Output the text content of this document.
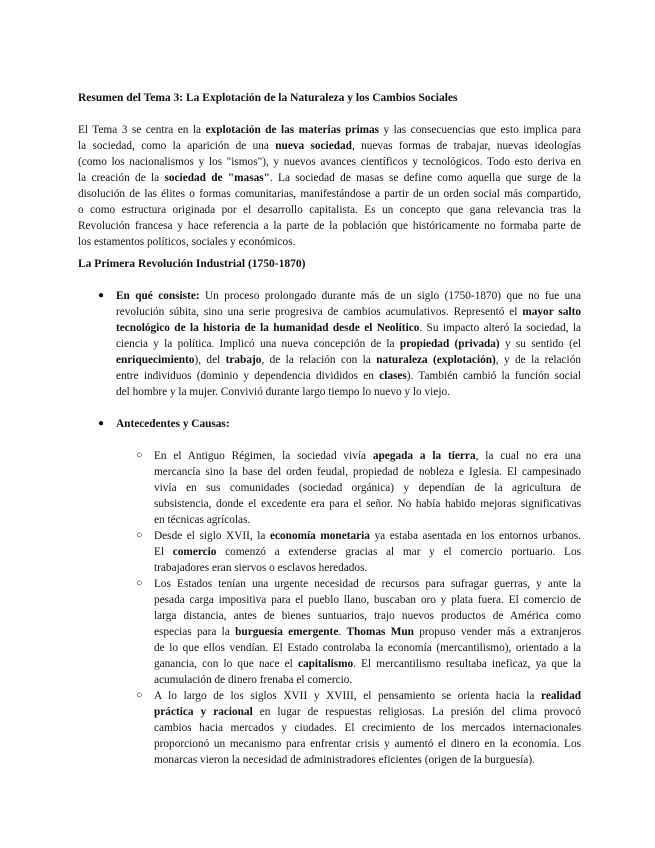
Resumen del Tema 3: La Explotación de la Naturaleza y los Cambios Sociales
El Tema 3 se centra en la explotación de las materias primas y las consecuencias que esto implica para
la sociedad, como la aparición de una nueva sociedad, nuevas formas de trabajar, nuevas ideologías
(como los nacionalismos y los "ismos"), y nuevos avances científicos y tecnológicos. Todo esto deriva en
la creación de la sociedad de "masas". La sociedad de masas se define como aquella que surge de la
disolución de las élites o formas comunitarias, manifestándose a partir de un orden social más compartido,
o como estructura originada por el desarrollo capitalista. Es un concepto que gana relevancia tras la
Revolución francesa y hace referencia a la parte de la población que históricamente no formaba parte de
los estamentos políticos, sociales y económicos.
La Primera Revolución Industrial (1750-1870)
● En qué consiste: Un proceso prolongado durante más de un siglo (1750-1870) que no fue una
revolución súbita, sino una serie progresiva de cambios acumulativos. Representó el mayor salto
tecnológico de la historia de la humanidad desde el Neolítico. Su impacto alteró la sociedad, la
ciencia y la política. Implicó una nueva concepción de la propiedad (privada) y su sentido (el
enriquecimiento), del trabajo, de la relación con la naturaleza (explotación), y de la relación
entre individuos (dominio y dependencia divididos en clases). También cambió la función social
del hombre y la mujer. Convivió durante largo tiempo lo nuevo y lo viejo.
● Antecedentes y Causas:
○ En el Antiguo Régimen, la sociedad vivía apegada a la tierra, la cual no era una
mercancía sino la base del orden feudal, propiedad de nobleza e Iglesia. El campesinado
vivía en sus comunidades (sociedad orgánica) y dependían de la agricultura de
subsistencia, donde el excedente era para el señor. No había habido mejoras significativas
en técnicas agrícolas.
○ Desde el siglo XVII, la economía monetaria ya estaba asentada en los entornos urbanos.
El comercio comenzó a extenderse gracias al mar y el comercio portuario. Los
trabajadores eran siervos o esclavos heredados.
○ Los Estados tenían una urgente necesidad de recursos para sufragar guerras, y ante la
pesada carga impositiva para el pueblo llano, buscaban oro y plata fuera. El comercio de
larga distancia, antes de bienes suntuarios, trajo nuevos productos de América como
especias para la burguesía emergente. Thomas Mun propuso vender más a extranjeros
de lo que ellos vendían. El Estado controlaba la economía (mercantilismo), orientado a la
ganancia, con lo que nace el capitalismo. El mercantilismo resultaba ineficaz, ya que la
acumulación de dinero frenaba el comercio.
○ A lo largo de los siglos XVII y XVIII, el pensamiento se orienta hacia la realidad
práctica y racional en lugar de respuestas religiosas. La presión del clima provocó
cambios hacia mercados y ciudades. El crecimiento de los mercados internacionales
proporcionó un mecanismo para enfrentar crisis y aumentó el dinero en la economía. Los
monarcas vieron la necesidad de administradores eficientes (origen de la burguesía).
